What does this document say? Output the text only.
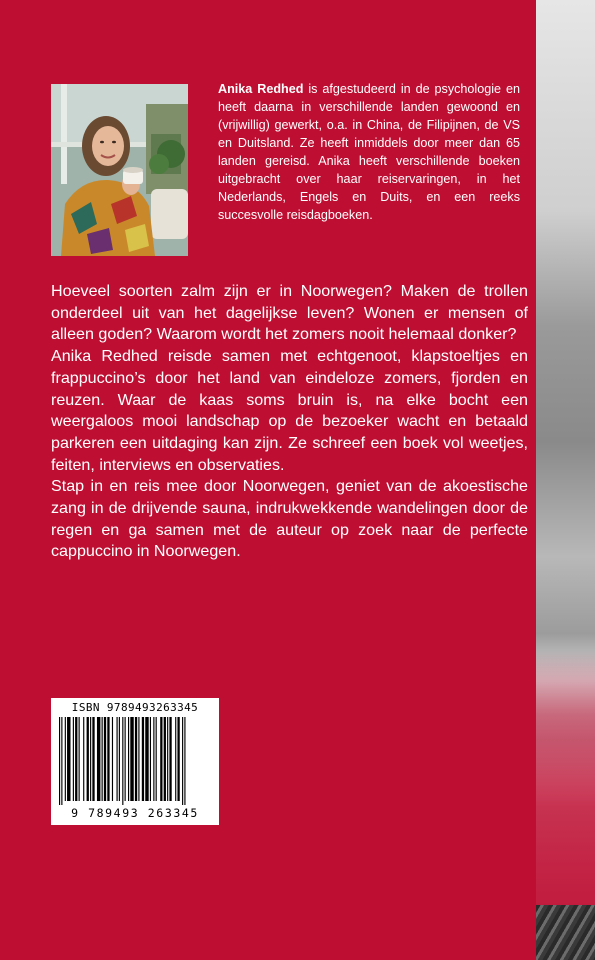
Anika Redhed is afgestudeerd in de psychologie en heeft daarna in verschillende landen gewoond en (vrijwillig) gewerkt, o.a. in China, de Filipijnen, de VS en Duitsland. Ze heeft inmiddels door meer dan 65 landen gereisd. Anika heeft verschillende boeken uitgebracht over haar reiservaringen, in het Nederlands, Engels en Duits, en een reeks succesvolle reisdagboeken.

Hoeveel soorten zalm zijn er in Noorwegen? Maken de trollen onderdeel uit van het dagelijkse leven? Wonen er mensen of alleen goden? Waarom wordt het zomers nooit helemaal donker?

Anika Redhed reisde samen met echtgenoot, klapstoeltjes en frappuccino’s door het land van eindeloze zomers, fjorden en reuzen. Waar de kaas soms bruin is, na elke bocht een weergaloos mooi landschap op de bezoeker wacht en betaald parkeren een uitdaging kan zijn. Ze schreef een boek vol weetjes, feiten, interviews en observaties.

Stap in en reis mee door Noorwegen, geniet van de akoestische zang in de drijvende sauna, indrukwekkende wandelingen door de regen en ga samen met de auteur op zoek naar de perfecte cappuccino in Noorwegen.

ISBN 9789493263345
9 789493 263345
